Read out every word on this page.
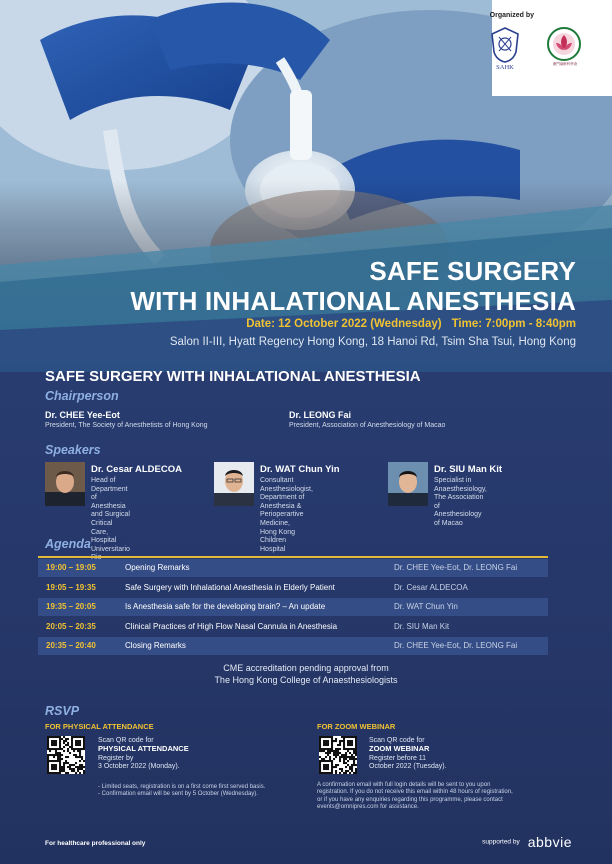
Organized by
SAHK	澳門麻醉科學會
SAFE SURGERY
WITH INHALATIONAL ANESTHESIA
Date: 12 October 2022 (Wednesday) Time: 7:00pm - 8:40pm
Salon II-III, Hyatt Regency Hong Kong, 18 Hanoi Rd, Tsim Sha Tsui, Hong Kong
SAFE SURGERY WITH INHALATIONAL ANESTHESIA
Chairperson
Dr. CHEE Yee-Eot
President, The Society of Anesthetists of Hong Kong
Dr. LEONG Fai
President, Association of Anesthesiology of Macao
Speakers
Dr. Cesar ALDECOA
Head of Department of
Anesthesia and Surgical
Critical Care,
Hospital Universitario
Dr. WAT Chun Yin
Consultant Anesthesiologist,
Department of Anesthesia &
Perioperartive Medicine,
Hong Kong Children Hospital
Dr. SIU Man Kit
Specialist in Anaesthesiology,
The Association of
Anesthesiology of Macao
Agenda
19:00 – 19:05	Opening Remarks	Dr. CHEE Yee-Eot, Dr. LEONG Fai
19:05 – 19:35	Safe Surgery with Inhalational Anesthesia in Elderly Patient	Dr. Cesar ALDECOA
19:35 – 20:05	Is Anesthesia safe for the developing brain? – An update	Dr. WAT Chun Yin
20:05 – 20:35	Clinical Practices of High Flow Nasal Cannula in Anesthesia	Dr. SIU Man Kit
20:35 – 20:40	Closing Remarks	Dr. CHEE Yee-Eot, Dr. LEONG Fai
CME accreditation pending approval from
The Hong Kong College of Anaesthesiologists
RSVP
FOR PHYSICAL ATTENDANCE
Scan QR code for
PHYSICAL ATTENDANCE
Register by
3 October 2022 (Monday).
- Limited seats, registration is on a first come first served basis.
- Confirmation email will be sent by 5 October (Wednesday).
FOR ZOOM WEBINAR
Scan QR code for
ZOOM WEBINAR
Register before 11
October 2022 (Tuesday).
A confirmation email with full login details will be sent to you upon
registration. If you do not receive this email within 48 hours of registration,
or if you have any enquiries regarding this programme, please contact
events@omnipres.com for assistance.
For healthcare professional only	supported by abbvie
